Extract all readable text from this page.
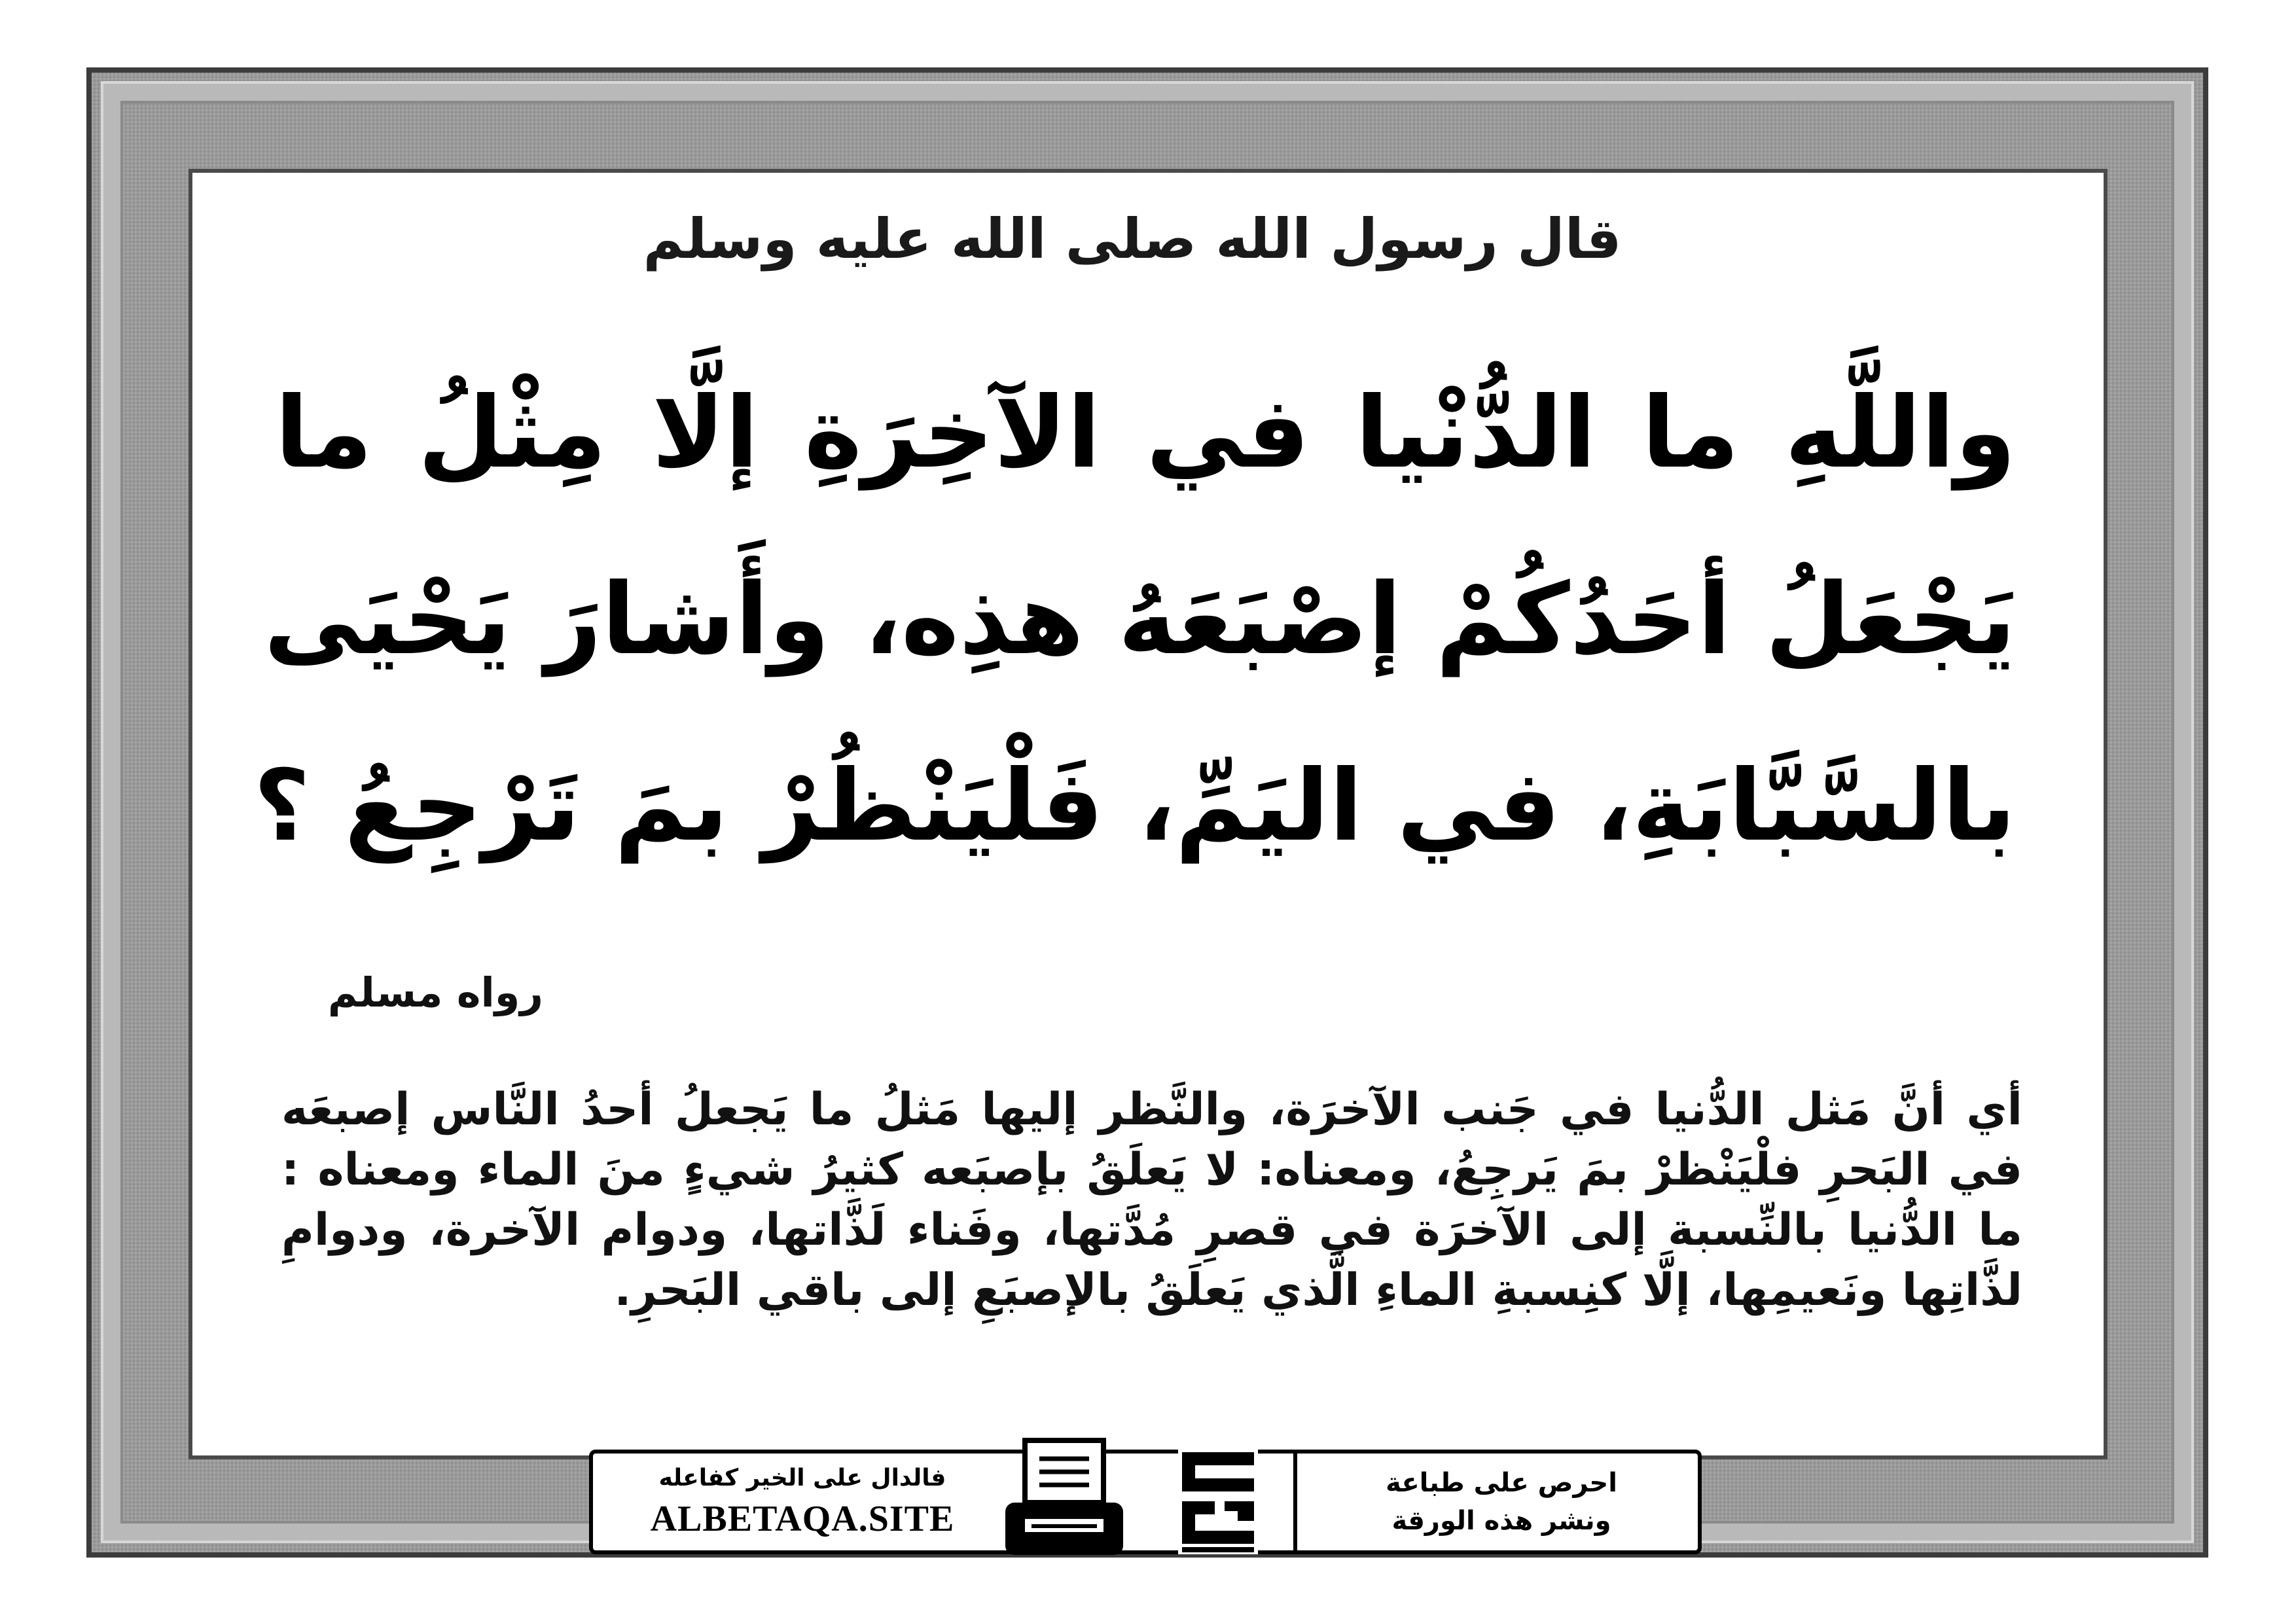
قال رسول الله صلى الله عليه وسلم
واللَّهِ ما الدُّنْيا في الآخِرَةِ إلَّا مِثْلُ ما
يَجْعَلُ أحَدُكُمْ إصْبَعَهُ هذِه، وأَشارَ يَحْيَى
بالسَّبَّابَةِ، في اليَمِّ، فَلْيَنْظُرْ بمَ تَرْجِعُ ؟
رواه مسلم
أي أنَّ مَثل الدُّنيا في جَنب الآخرَة، والنَّظر إليها مَثلُ ما يَجعلُ أحدُ النَّاس إصبعَه في البَحرِ فلْيَنْظرْ بمَ يَرجِعُ، ومعناه: لا يَعلَقُ بإصبَعه كثيرُ شيءٍ منَ الماء ومعناه : ما الدُّنيا بالنِّسبة إلى الآخرَة في قصرِ مُدَّتها، وفَناء لَذَّاتها، ودوام الآخرة، ودوامِ لذَّاتِها ونَعيمِها، إلَّا كنِسبةِ الماءِ الَّذي يَعلَقُ بالإصبَعِ إلى باقي البَحرِ.
فالدال على الخير كفاعله
ALBETAQA.SITE
احرص على طباعة
ونشر هذه الورقة
